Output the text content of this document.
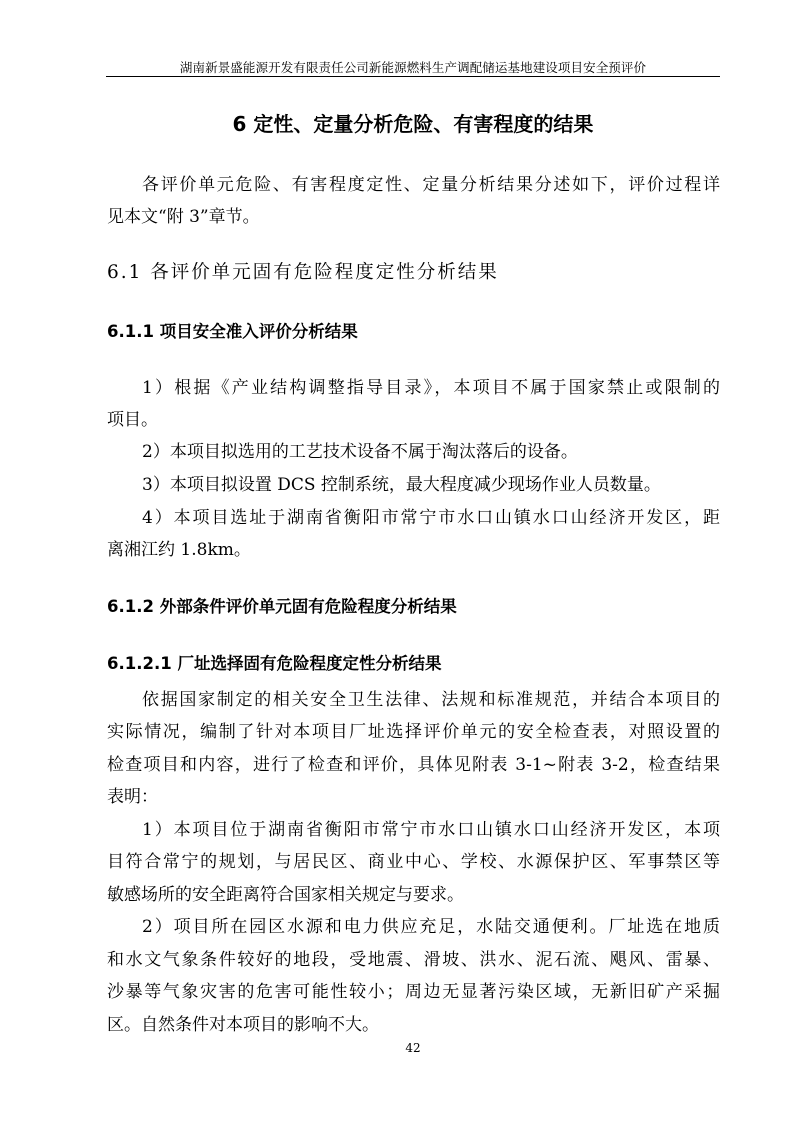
湖南新景盛能源开发有限责任公司新能源燃料生产调配储运基地建设项目安全预评价
6 定性、定量分析危险、有害程度的结果
各评价单元危险、有害程度定性、定量分析结果分述如下，评价过程详
见本文“附 3”章节。
6.1 各评价单元固有危险程度定性分析结果
6.1.1 项目安全准入评价分析结果
1）根据《产业结构调整指导目录》，本项目不属于国家禁止或限制的
项目。
2）本项目拟选用的工艺技术设备不属于淘汰落后的设备。
3）本项目拟设置 DCS 控制系统，最大程度减少现场作业人员数量。
4）本项目选址于湖南省衡阳市常宁市水口山镇水口山经济开发区，距
离湘江约 1.8km。
6.1.2 外部条件评价单元固有危险程度分析结果
6.1.2.1 厂址选择固有危险程度定性分析结果
依据国家制定的相关安全卫生法律、法规和标准规范，并结合本项目的
实际情况，编制了针对本项目厂址选择评价单元的安全检查表，对照设置的
检查项目和内容，进行了检查和评价，具体见附表 3-1~附表 3-2，检查结果
表明：
1）本项目位于湖南省衡阳市常宁市水口山镇水口山经济开发区，本项
目符合常宁的规划，与居民区、商业中心、学校、水源保护区、军事禁区等
敏感场所的安全距离符合国家相关规定与要求。
2）项目所在园区水源和电力供应充足，水陆交通便利。厂址选在地质
和水文气象条件较好的地段，受地震、滑坡、洪水、泥石流、飓风、雷暴、
沙暴等气象灾害的危害可能性较小；周边无显著污染区域，无新旧矿产采掘
区。自然条件对本项目的影响不大。
42
